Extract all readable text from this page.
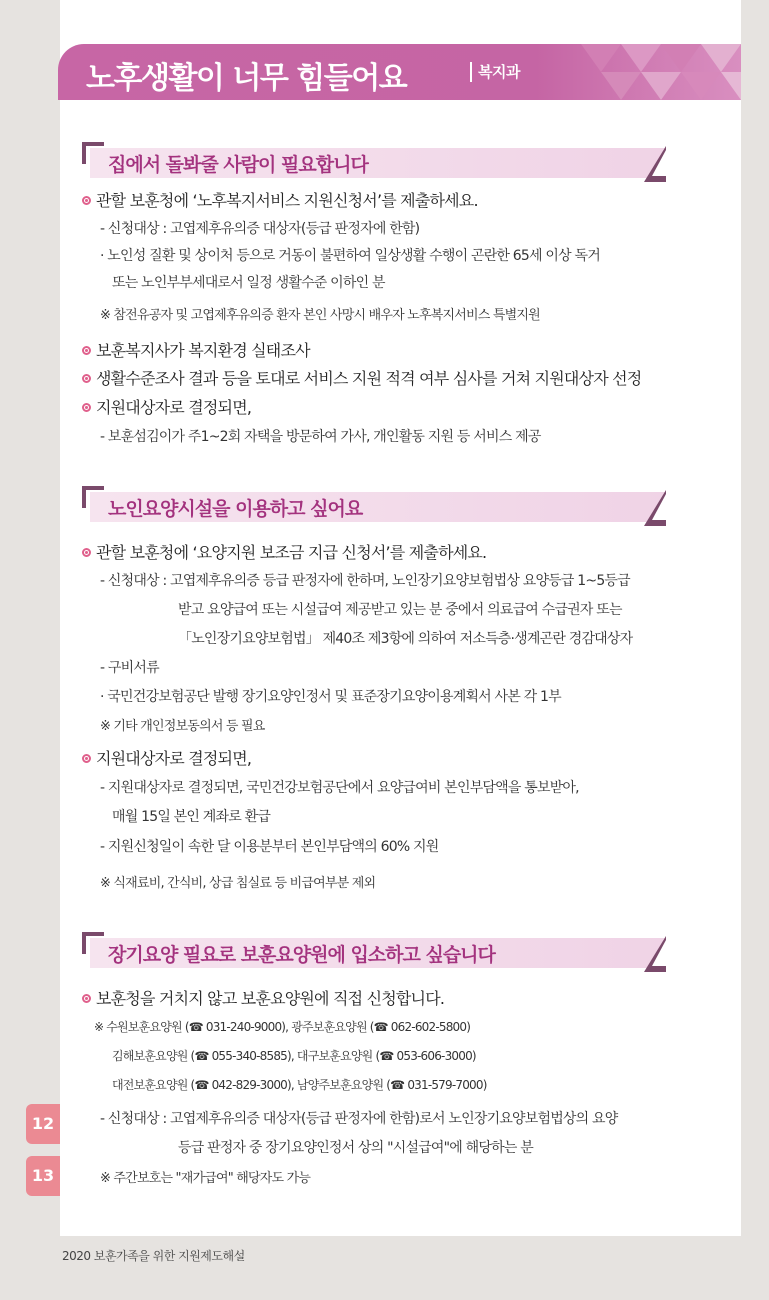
2020 보훈가족을 위한 지원제도해설
노후생활이 너무 힘들어요	복지과
12
13
집에서 돌봐줄 사람이 필요합니다
관할 보훈청에 ‘노후복지서비스 지원신청서’를 제출하세요.
- 신청대상 : 고엽제후유의증 대상자(등급 판정자에 한함)
· 노인성 질환 및 상이처 등으로 거동이 불편하여 일상생활 수행이 곤란한 65세 이상 독거
또는 노인부부세대로서 일정 생활수준 이하인 분
※ 참전유공자 및 고엽제후유의증 환자 본인 사망시 배우자 노후복지서비스 특별지원
보훈복지사가 복지환경 실태조사
생활수준조사 결과 등을 토대로 서비스 지원 적격 여부 심사를 거쳐 지원대상자 선정
지원대상자로 결정되면,
- 보훈섬김이가 주1~2회 자택을 방문하여 가사, 개인활동 지원 등 서비스 제공
노인요양시설을 이용하고 싶어요
관할 보훈청에 ‘요양지원 보조금 지급 신청서’를 제출하세요.
- 신청대상 : 고엽제후유의증 등급 판정자에 한하며, 노인장기요양보험법상 요양등급 1~5등급
받고 요양급여 또는 시설급여 제공받고 있는 분 중에서 의료급여 수급권자 또는
「노인장기요양보험법」 제40조 제3항에 의하여 저소득층·생계곤란 경감대상자
- 구비서류
· 국민건강보험공단 발행 장기요양인정서 및 표준장기요양이용계획서 사본 각 1부
※ 기타 개인정보동의서 등 필요
지원대상자로 결정되면,
- 지원대상자로 결정되면, 국민건강보험공단에서 요양급여비 본인부담액을 통보받아,
매월 15일 본인 계좌로 환급
- 지원신청일이 속한 달 이용분부터 본인부담액의 60% 지원
※ 식재료비, 간식비, 상급 침실료 등 비급여부분 제외
장기요양 필요로 보훈요양원에 입소하고 싶습니다
보훈청을 거치지 않고 보훈요양원에 직접 신청합니다.
※ 수원보훈요양원 (☎ 031-240-9000), 광주보훈요양원 (☎ 062-602-5800)
김해보훈요양원 (☎ 055-340-8585), 대구보훈요양원 (☎ 053-606-3000)
대전보훈요양원 (☎ 042-829-3000), 남양주보훈요양원 (☎ 031-579-7000)
- 신청대상 : 고엽제후유의증 대상자(등급 판정자에 한함)로서 노인장기요양보험법상의 요양
등급 판정자 중 장기요양인정서 상의 "시설급여"에 해당하는 분
※ 주간보호는 "재가급여" 해당자도 가능
